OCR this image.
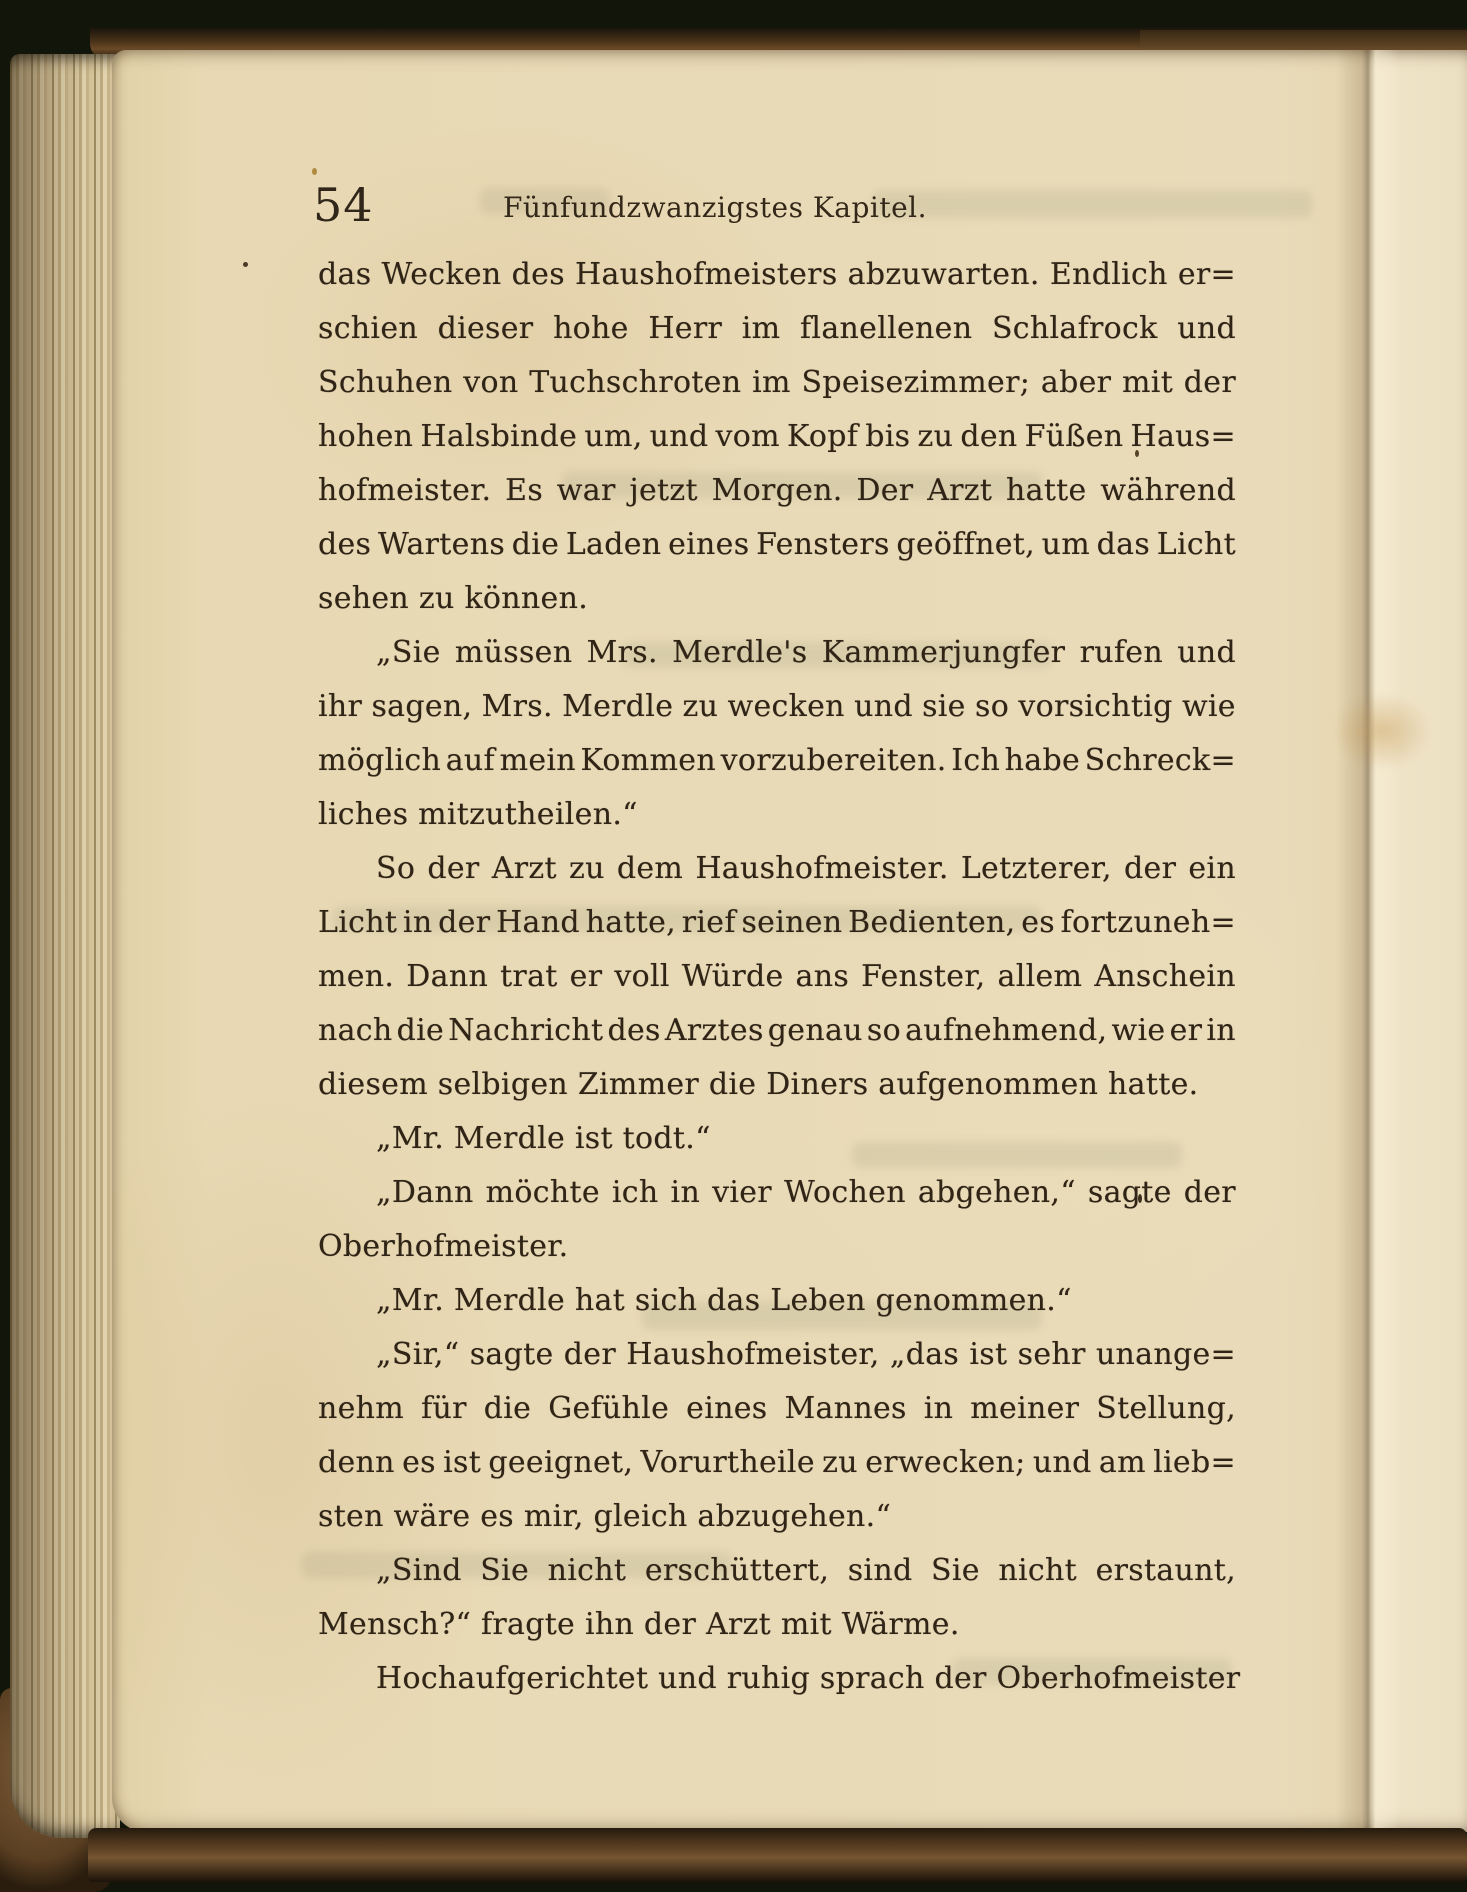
54	Fünfundzwanzigstes Kapitel.
das Wecken des Haushofmeisters abzuwarten. Endlich er=
schien dieser hohe Herr im flanellenen Schlafrock und
Schuhen von Tuchschroten im Speisezimmer; aber mit der
hohen Halsbinde um, und vom Kopf bis zu den Füßen Haus=
hofmeister. Es war jetzt Morgen. Der Arzt hatte während
des Wartens die Laden eines Fensters geöffnet, um das Licht
sehen zu können.
„Sie müssen Mrs. Merdle's Kammerjungfer rufen und
ihr sagen, Mrs. Merdle zu wecken und sie so vorsichtig wie
möglich auf mein Kommen vorzubereiten. Ich habe Schreck=
liches mitzutheilen.“
So der Arzt zu dem Haushofmeister. Letzterer, der ein
Licht in der Hand hatte, rief seinen Bedienten, es fortzuneh=
men. Dann trat er voll Würde ans Fenster, allem Anschein
nach die Nachricht des Arztes genau so aufnehmend, wie er in
diesem selbigen Zimmer die Diners aufgenommen hatte.
„Mr. Merdle ist todt.“
„Dann möchte ich in vier Wochen abgehen,“ sagte der
Oberhofmeister.
„Mr. Merdle hat sich das Leben genommen.“
„Sir,“ sagte der Haushofmeister, „das ist sehr unange=
nehm für die Gefühle eines Mannes in meiner Stellung,
denn es ist geeignet, Vorurtheile zu erwecken; und am lieb=
sten wäre es mir, gleich abzugehen.“
„Sind Sie nicht erschüttert, sind Sie nicht erstaunt,
Mensch?“ fragte ihn der Arzt mit Wärme.
Hochaufgerichtet und ruhig sprach der Oberhofmeister
